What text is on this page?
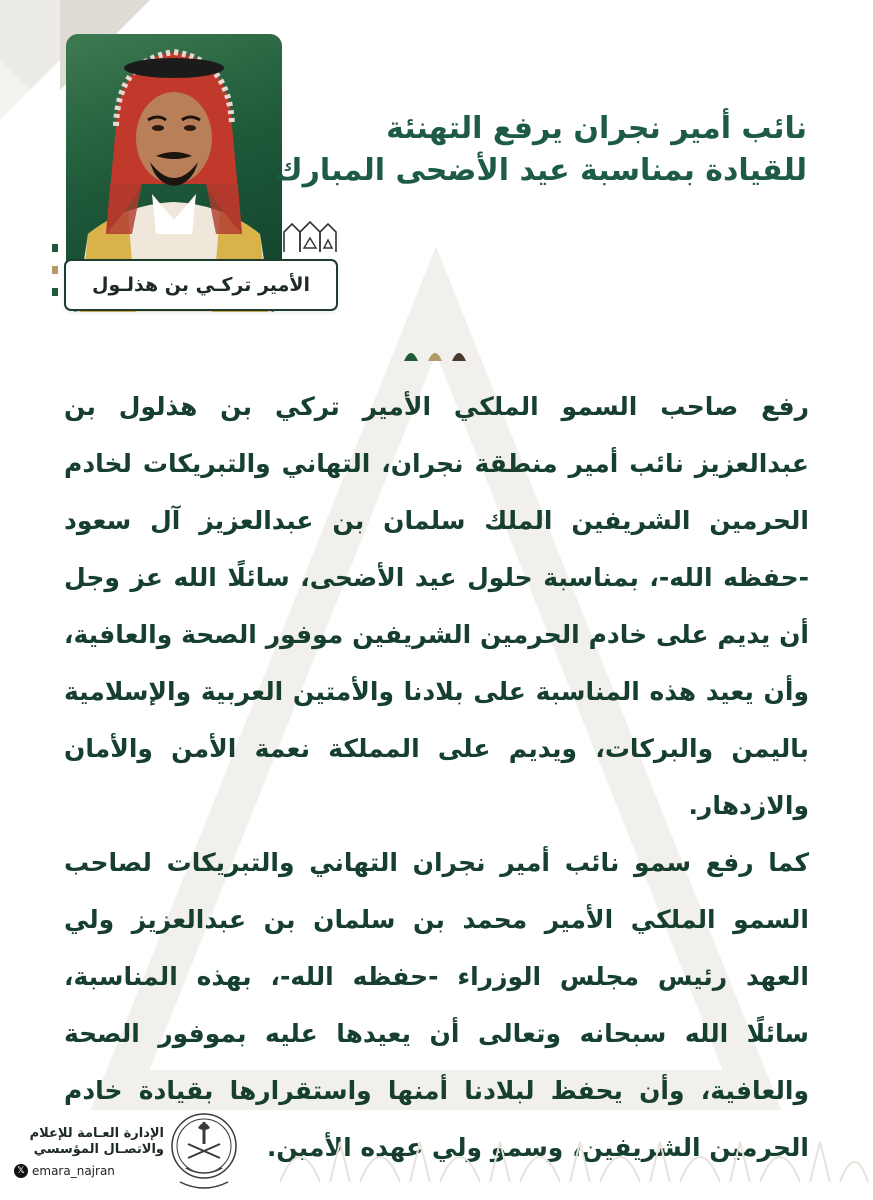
الأمير تركـي بن هذلـول
نائب أمير نجران يرفع التهنئة
للقيادة بمناسبة عيد الأضحى المبارك

رفع صاحب السمو الملكي الأمير تركي بن هذلول بن عبدالعزيز نائب أمير منطقة نجران، التهاني والتبريكات لخادم الحرمين الشريفين الملك سلمان بن عبدالعزيز آل سعود -حفظه الله-، بمناسبة حلول عيد الأضحى، سائلًا الله عز وجل أن يديم على خادم الحرمين الشريفين موفور الصحة والعافية، وأن يعيد هذه المناسبة على بلادنا والأمتين العربية والإسلامية باليمن والبركات، ويديم على المملكة نعمة الأمن والأمان والازدهار.

كما رفع سمو نائب أمير نجران التهاني والتبريكات لصاحب السمو الملكي الأمير محمد بن سلمان بن عبدالعزيز ولي العهد رئيس مجلس الوزراء -حفظه الله-، بهذه المناسبة، سائلًا الله سبحانه وتعالى أن يعيدها عليه بموفور الصحة والعافية، وأن يحفظ لبلادنا أمنها واستقرارها بقيادة خادم الحرمين الشريفين، وسمو ولي عهده الأمين.

الإدارة العـامة للإعلام
والاتصـال المؤسسي
emara_najran
𝕏
